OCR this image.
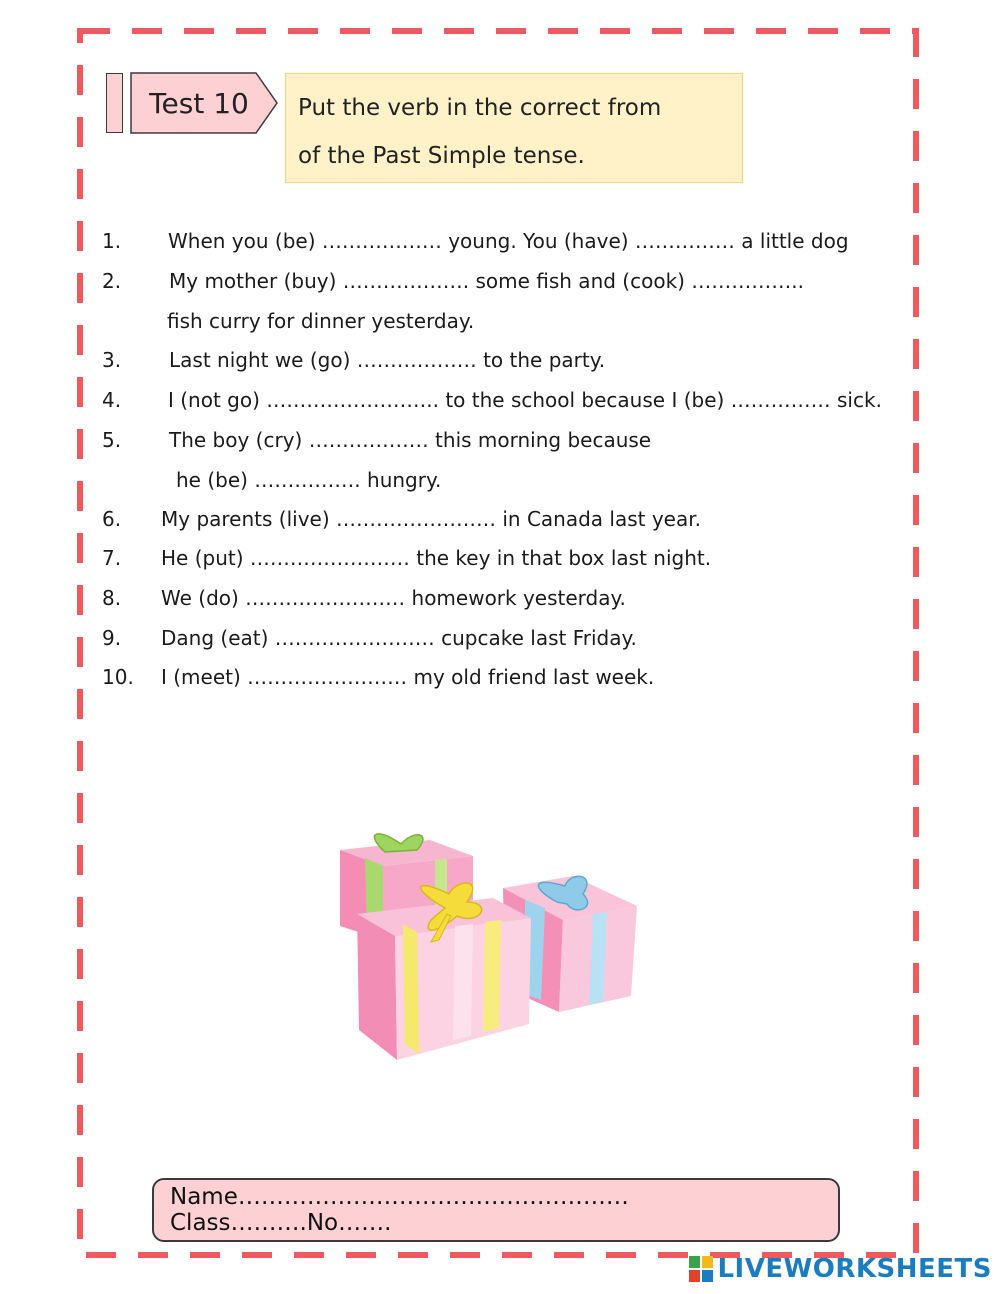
Test 10	Put the verb in the correct from
of the Past Simple tense.
1. When you (be) ……………… young. You (have) …………… a little dog
2. My mother (buy) ………………. some fish and (cook) ……………..
fish curry for dinner yesterday.
3. Last night we (go) ……………… to the party.
4. I (not go) …………………….. to the school because I (be) …………… sick.
5. The boy (cry) ……………… this morning because
he (be) ……………. hungry.
6. My parents (live) …………………… in Canada last year.
7. He (put) …………………… the key in that box last night.
8. We (do) …………………… homework yesterday.
9. Dang (eat) …………………… cupcake last Friday.
10. I (meet) …………………… my old friend last week.
Name……………………………………………Class……….No…….
LIVEWORKSHEETS
